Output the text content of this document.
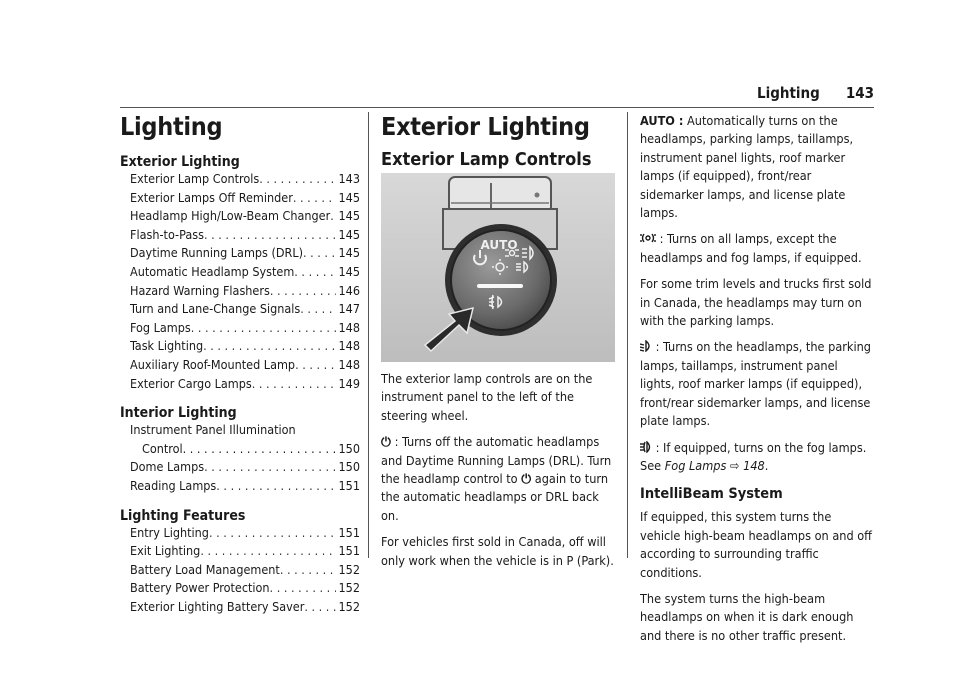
Lighting 143
Lighting
Exterior Lighting
Exterior Lamp Controls . . .	143
Exterior Lamps Off Reminder . . .	145
Headlamp High/Low-Beam Changer . . . 145
Flash-to-Pass . . .	145
Daytime Running Lamps (DRL) . . .	145
Automatic Headlamp System . . .	145
Hazard Warning Flashers . . .	146
Turn and Lane-Change Signals . . .	147
Fog Lamps . . .	148
Task Lighting . . .	148
Auxiliary Roof-Mounted Lamp . . .	148
Exterior Cargo Lamps . . .	149
Interior Lighting
Instrument Panel Illumination
Control . . .	150
Dome Lamps . . .	150
Reading Lamps . . .	151
Lighting Features
Entry Lighting . . .	151
Exit Lighting . . .	151
Battery Load Management . . .	152
Battery Power Protection . . .	152
Exterior Lighting Battery Saver . . .	152
Exterior Lighting
Exterior Lamp Controls
AUTO

The exterior lamp controls are on the instrument panel to the left of the steering wheel.

⏻ : Turns off the automatic headlamps and Daytime Running Lamps (DRL). Turn the headlamp control to ⏻ again to turn the automatic headlamps or DRL back on.

For vehicles first sold in Canada, off will only work when the vehicle is in P (Park).

AUTO : Automatically turns on the headlamps, parking lamps, taillamps, instrument panel lights, roof marker lamps (if equipped), front/rear sidemarker lamps, and license plate lamps.

: Turns on all lamps, except the headlamps and fog lamps, if equipped.

For some trim levels and trucks first sold in Canada, the headlamps may turn on with the parking lamps.

: Turns on the headlamps, the parking lamps, taillamps, instrument panel lights, roof marker lamps (if equipped), front/rear sidemarker lamps, and license plate lamps.

: If equipped, turns on the fog lamps. See Fog Lamps ⇨ 148.

IntelliBeam System

If equipped, this system turns the vehicle high-beam headlamps on and off according to surrounding traffic conditions.

The system turns the high-beam headlamps on when it is dark enough and there is no other traffic present.
